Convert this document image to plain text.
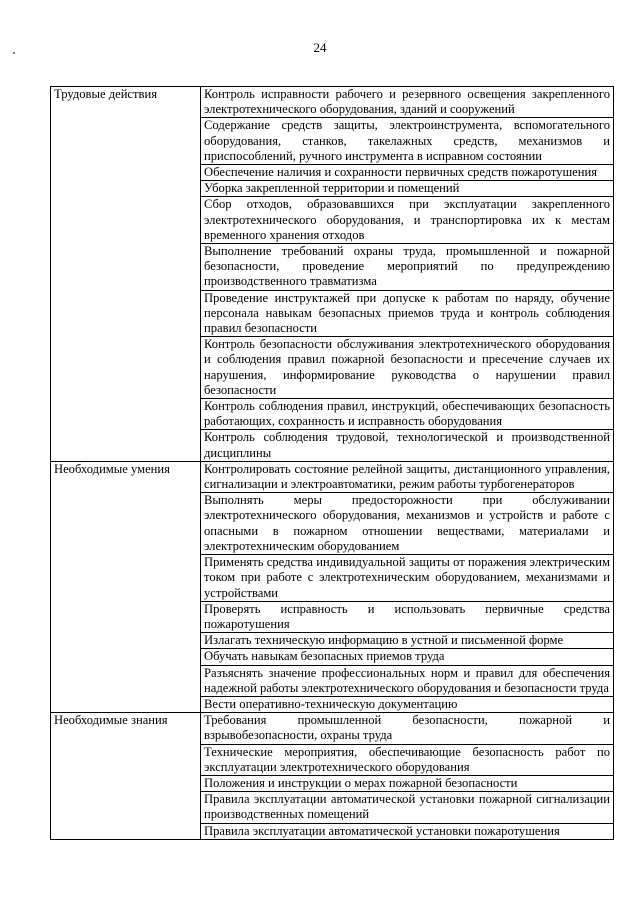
24
Трудовые действия	Контроль исправности рабочего и резервного освещения закрепленного электротехнического оборудования, зданий и сооружений
	Содержание средств защиты, электроинструмента, вспомогательного оборудования, станков, такелажных средств, механизмов и приспособлений, ручного инструмента в исправном состоянии
	Обеспечение наличия и сохранности первичных средств пожаротушения
	Уборка закрепленной территории и помещений
	Сбор отходов, образовавшихся при эксплуатации закрепленного электротехнического оборудования, и транспортировка их к местам временного хранения отходов
	Выполнение требований охраны труда, промышленной и пожарной безопасности, проведение мероприятий по предупреждению производственного травматизма
	Проведение инструктажей при допуске к работам по наряду, обучение персонала навыкам безопасных приемов труда и контроль соблюдения правил безопасности
	Контроль безопасности обслуживания электротехнического оборудования и соблюдения правил пожарной безопасности и пресечение случаев их нарушения, информирование руководства о нарушении правил безопасности
	Контроль соблюдения правил, инструкций, обеспечивающих безопасность работающих, сохранность и исправность оборудования
	Контроль соблюдения трудовой, технологической и производственной дисциплины
Необходимые умения	Контролировать состояние релейной защиты, дистанционного управления, сигнализации и электроавтоматики, режим работы турбогенераторов
	Выполнять меры предосторожности при обслуживании электротехнического оборудования, механизмов и устройств и работе с опасными в пожарном отношении веществами, материалами и электротехническим оборудованием
	Применять средства индивидуальной защиты от поражения электрическим током при работе с электротехническим оборудованием, механизмами и устройствами
	Проверять исправность и использовать первичные средства пожаротушения
	Излагать техническую информацию в устной и письменной форме
	Обучать навыкам безопасных приемов труда
	Разъяснять значение профессиональных норм и правил для обеспечения надежной работы электротехнического оборудования и безопасности труда
	Вести оперативно-техническую документацию
Необходимые знания	Требования промышленной безопасности, пожарной и взрывобезопасности, охраны труда
	Технические мероприятия, обеспечивающие безопасность работ по эксплуатации электротехнического оборудования
	Положения и инструкции о мерах пожарной безопасности
	Правила эксплуатации автоматической установки пожарной сигнализации производственных помещений
	Правила эксплуатации автоматической установки пожаротушения
